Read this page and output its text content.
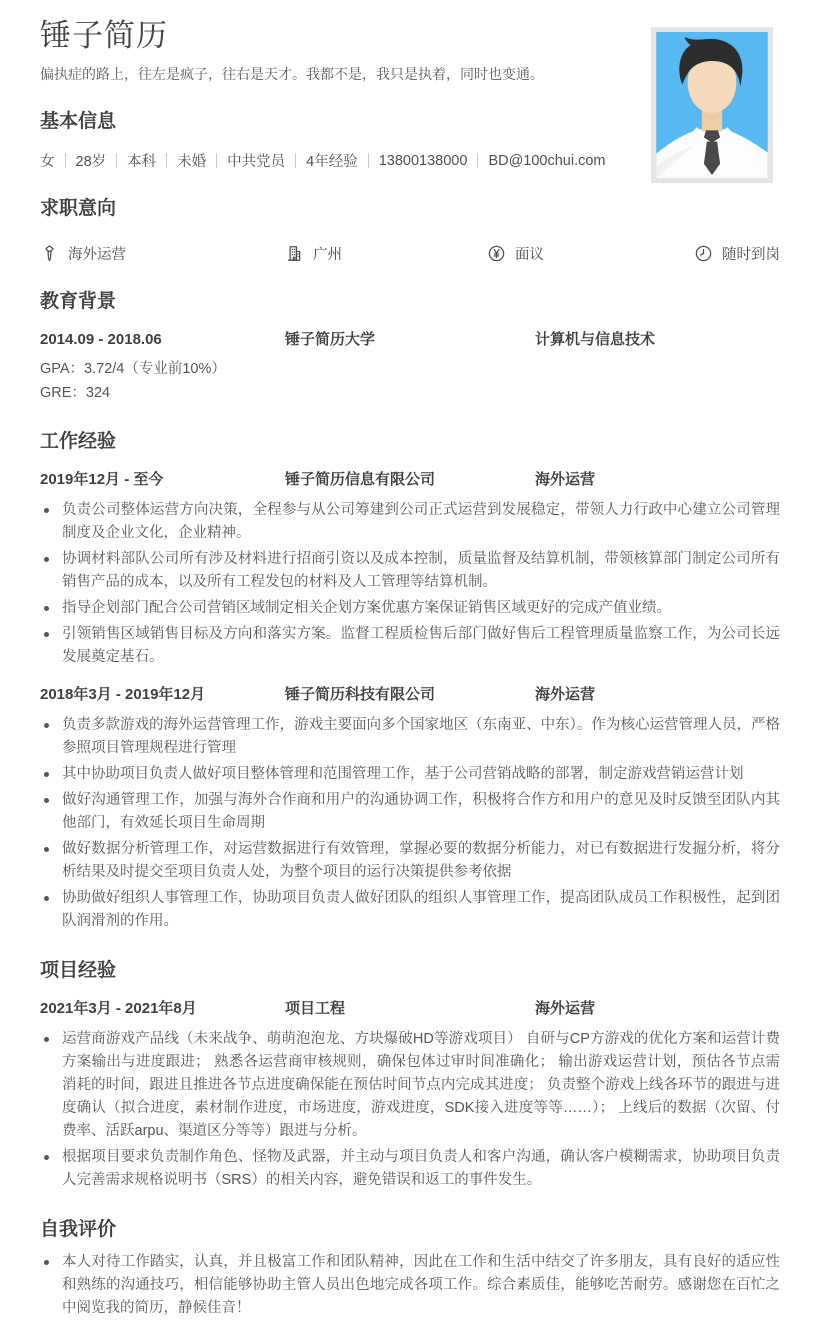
锤子简历
偏执症的路上，往左是疯子，往右是天才。我都不是，我只是执着，同时也变通。
基本信息
女 28岁 本科 未婚 中共党员 4年经验 13800138000 BD@100chui.com
求职意向
海外运营	广州	面议	随时到岗
教育背景
2014.09 - 2018.06	锤子简历大学	计算机与信息技术
GPA：3.72/4（专业前10%）
GRE：324
工作经验
2019年12月 - 至今	锤子简历信息有限公司	海外运营
负责公司整体运营方向决策，全程参与从公司筹建到公司正式运营到发展稳定，带领人力行政中心建立公司管理制度及企业文化，企业精神。
协调材料部队公司所有涉及材料进行招商引资以及成本控制，质量监督及结算机制，带领核算部门制定公司所有销售产品的成本，以及所有工程发包的材料及人工管理等结算机制。
指导企划部门配合公司营销区域制定相关企划方案优惠方案保证销售区域更好的完成产值业绩。
引领销售区域销售目标及方向和落实方案。监督工程质检售后部门做好售后工程管理质量监察工作，为公司长远发展奠定基石。
2018年3月 - 2019年12月	锤子简历科技有限公司	海外运营
负责多款游戏的海外运营管理工作，游戏主要面向多个国家地区（东南亚、中东）。作为核心运营管理人员，严格参照项目管理规程进行管理
其中协助项目负责人做好项目整体管理和范围管理工作，基于公司营销战略的部署，制定游戏营销运营计划
做好沟通管理工作，加强与海外合作商和用户的沟通协调工作，积极将合作方和用户的意见及时反馈至团队内其他部门，有效延长项目生命周期
做好数据分析管理工作，对运营数据进行有效管理，掌握必要的数据分析能力，对已有数据进行发掘分析，将分析结果及时提交至项目负责人处，为整个项目的运行决策提供参考依据
协助做好组织人事管理工作，协助项目负责人做好团队的组织人事管理工作，提高团队成员工作积极性，起到团队润滑剂的作用。
项目经验
2021年3月 - 2021年8月	项目工程	海外运营
运营商游戏产品线（未来战争、萌萌泡泡龙、方块爆破HD等游戏项目） 自研与CP方游戏的优化方案和运营计费方案输出与进度跟进； 熟悉各运营商审核规则，确保包体过审时间准确化； 输出游戏运营计划，预估各节点需消耗的时间，跟进且推进各节点进度确保能在预估时间节点内完成其进度； 负责整个游戏上线各环节的跟进与进度确认（拟合进度，素材制作进度，市场进度，游戏进度，SDK接入进度等等……）； 上线后的数据（次留、付费率、活跃arpu、渠道区分等等）跟进与分析。
根据项目要求负责制作角色、怪物及武器，并主动与项目负责人和客户沟通，确认客户模糊需求，协助项目负责人完善需求规格说明书（SRS）的相关内容，避免错误和返工的事件发生。
自我评价
本人对待工作踏实，认真，并且极富工作和团队精神，因此在工作和生活中结交了许多朋友，具有良好的适应性和熟练的沟通技巧，相信能够协助主管人员出色地完成各项工作。综合素质佳，能够吃苦耐劳。感谢您在百忙之中阅览我的简历，静候佳音！
